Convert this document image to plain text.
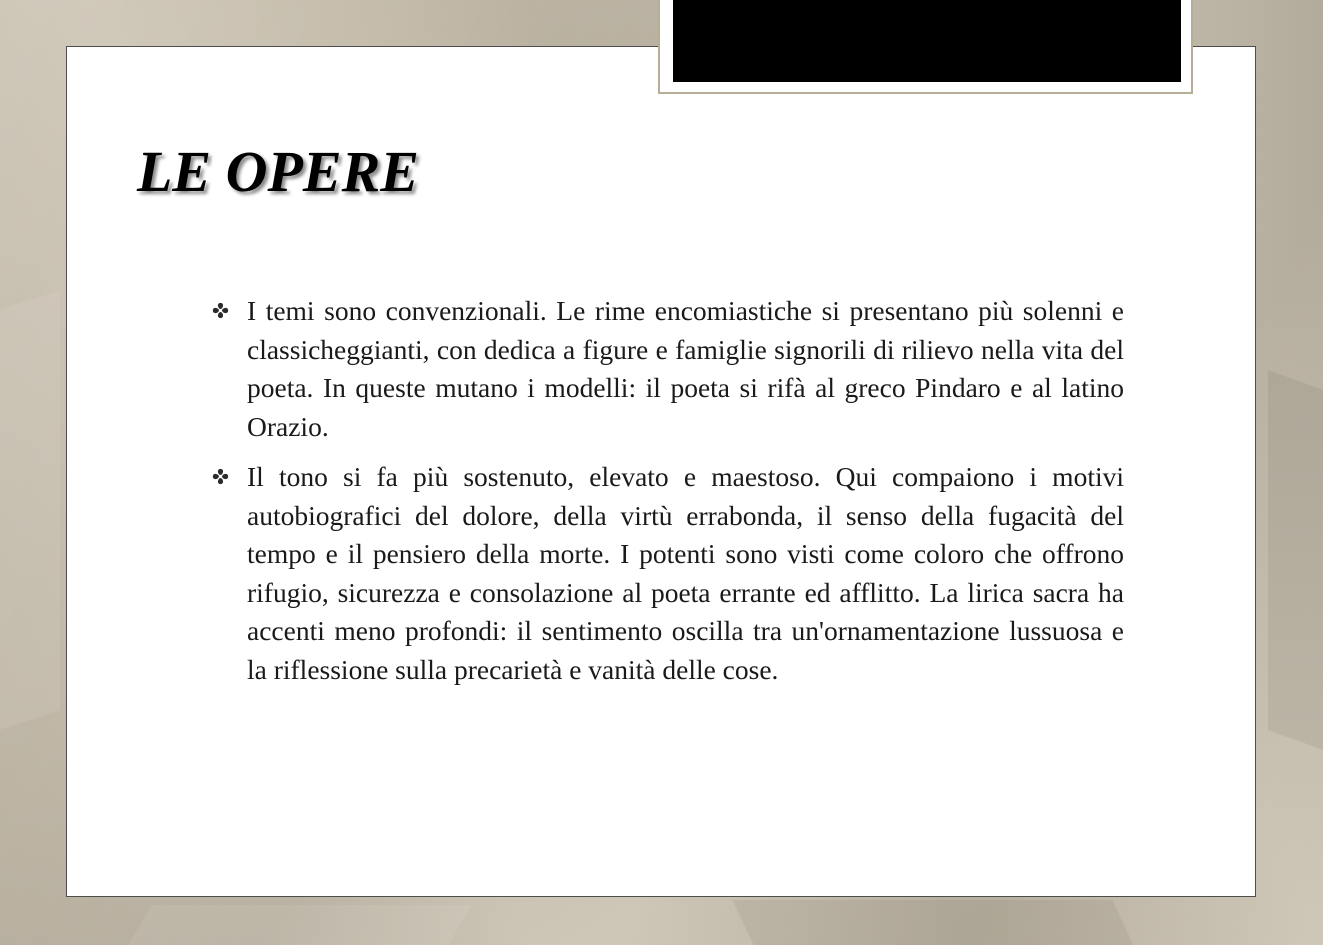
LE OPERE

I temi sono convenzionali. Le rime encomiastiche si presentano più solenni e classicheggianti, con dedica a figure e famiglie signorili di rilievo nella vita del poeta. In queste mutano i modelli: il poeta si rifà al greco Pindaro e al latino Orazio.

Il tono si fa più sostenuto, elevato e maestoso. Qui compaiono i motivi autobiografici del dolore, della virtù errabonda, il senso della fugacità del tempo e il pensiero della morte. I potenti sono visti come coloro che offrono rifugio, sicurezza e consolazione al poeta errante ed afflitto. La lirica sacra ha accenti meno profondi: il sentimento oscilla tra un'ornamentazione lussuosa e la riflessione sulla precarietà e vanità delle cose.
